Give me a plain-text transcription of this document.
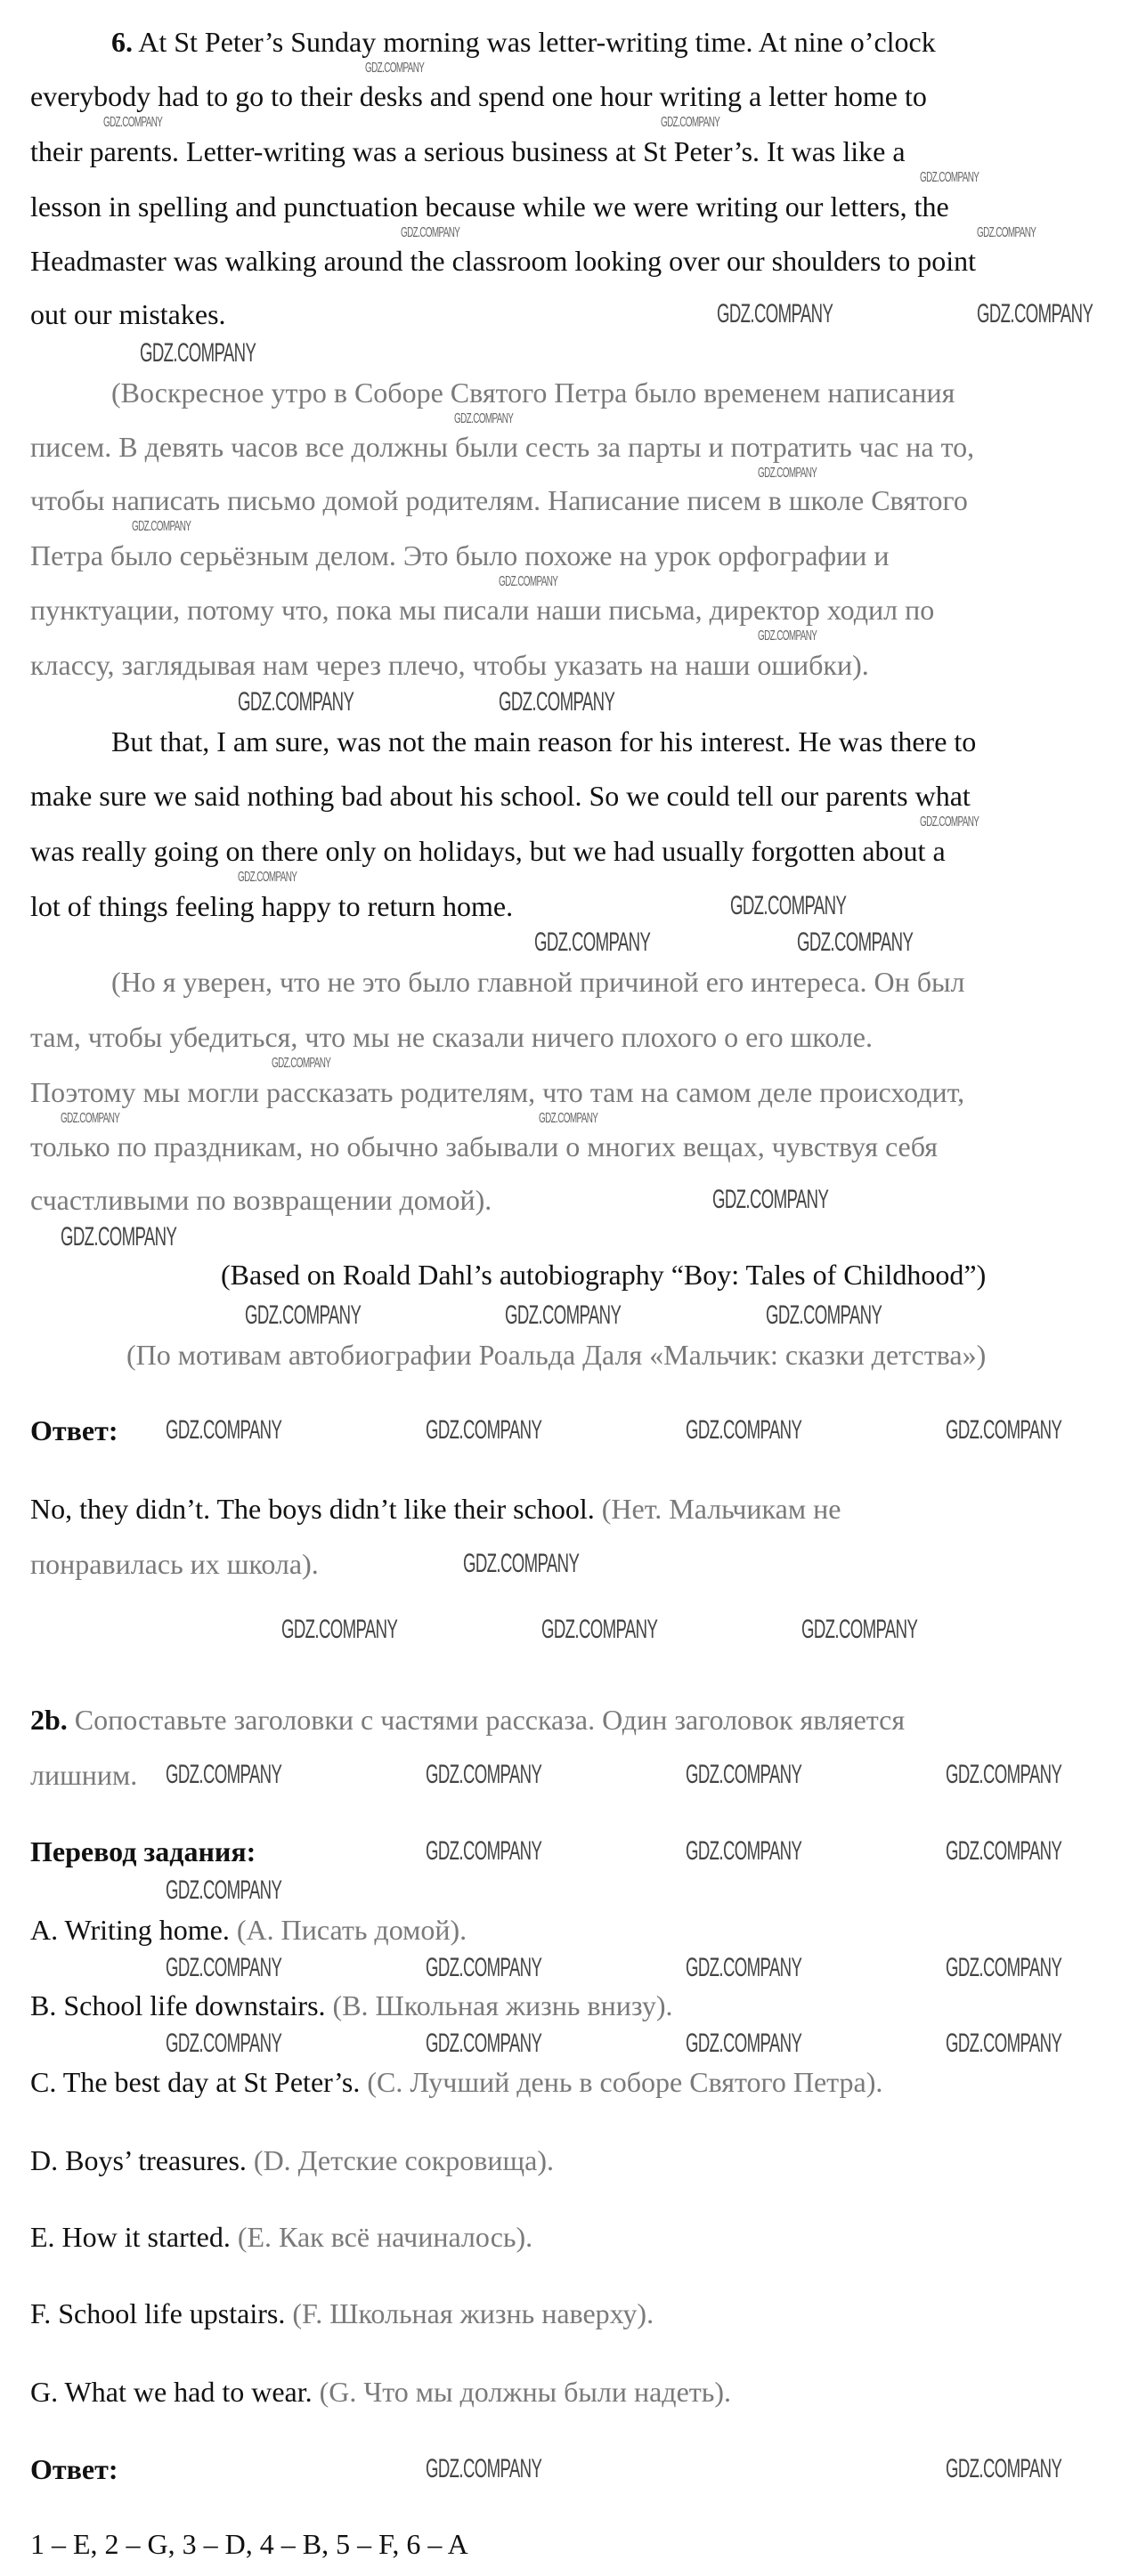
6. At St Peter’s Sunday morning was letter-writing time. At nine o’clock
everybody had to go to their desks and spend one hour writing a letter home to
their parents. Letter-writing was a serious business at St Peter’s. It was like a
lesson in spelling and punctuation because while we were writing our letters, the
Headmaster was walking around the classroom looking over our shoulders to point
out our mistakes.
(Воскресное утро в Соборе Святого Петра было временем написания
писем. В девять часов все должны были сесть за парты и потратить час на то,
чтобы написать письмо домой родителям. Написание писем в школе Святого
Петра было серьёзным делом. Это было похоже на урок орфографии и
пунктуации, потому что, пока мы писали наши письма, директор ходил по
классу, заглядывая нам через плечо, чтобы указать на наши ошибки).
But that, I am sure, was not the main reason for his interest. He was there to
make sure we said nothing bad about his school. So we could tell our parents what
was really going on there only on holidays, but we had usually forgotten about a
lot of things feeling happy to return home.
(Но я уверен, что не это было главной причиной его интереса. Он был
там, чтобы убедиться, что мы не сказали ничего плохого о его школе.
Поэтому мы могли рассказать родителям, что там на самом деле происходит,
только по праздникам, но обычно забывали о многих вещах, чувствуя себя
счастливыми по возвращении домой).
(Based on Roald Dahl’s autobiography “Boy: Tales of Childhood”)
(По мотивам автобиографии Роальда Даля «Мальчик: сказки детства»)
Ответ:
No, they didn’t. The boys didn’t like their school. (Нет. Мальчикам не
понравилась их школа).
2b. Сопоставьте заголовки с частями рассказа. Один заголовок является
лишним.
Перевод задания:
A. Writing home. (А. Писать домой).
B. School life downstairs. (В. Школьная жизнь внизу).
C. The best day at St Peter’s. (С. Лучший день в соборе Святого Петра).
D. Boys’ treasures. (D. Детские сокровища).
E. How it started. (Е. Как всё начиналось).
F. School life upstairs. (F. Школьная жизнь наверху).
G. What we had to wear. (G. Что мы должны были надеть).
Ответ:
1 – E, 2 – G, 3 – D, 4 – B, 5 – F, 6 – A
GDZ.COMPANY
GDZ.COMPANY	GDZ.COMPANY
GDZ.COMPANY
GDZ.COMPANY	GDZ.COMPANY
GDZ.COMPANY	GDZ.COMPANY
GDZ.COMPANY
GDZ.COMPANY
GDZ.COMPANY
GDZ.COMPANY
GDZ.COMPANY
GDZ.COMPANY
GDZ.COMPANY	GDZ.COMPANY
GDZ.COMPANY
GDZ.COMPANY
GDZ.COMPANY
GDZ.COMPANY	GDZ.COMPANY
GDZ.COMPANY
GDZ.COMPANY	GDZ.COMPANY
GDZ.COMPANY
GDZ.COMPANY
GDZ.COMPANY	GDZ.COMPANY	GDZ.COMPANY
GDZ.COMPANY	GDZ.COMPANY	GDZ.COMPANY	GDZ.COMPANY
GDZ.COMPANY
GDZ.COMPANY	GDZ.COMPANY	GDZ.COMPANY
GDZ.COMPANY	GDZ.COMPANY	GDZ.COMPANY	GDZ.COMPANY
GDZ.COMPANY	GDZ.COMPANY	GDZ.COMPANY
GDZ.COMPANY
GDZ.COMPANY	GDZ.COMPANY	GDZ.COMPANY	GDZ.COMPANY
GDZ.COMPANY	GDZ.COMPANY	GDZ.COMPANY	GDZ.COMPANY
GDZ.COMPANY	GDZ.COMPANY
